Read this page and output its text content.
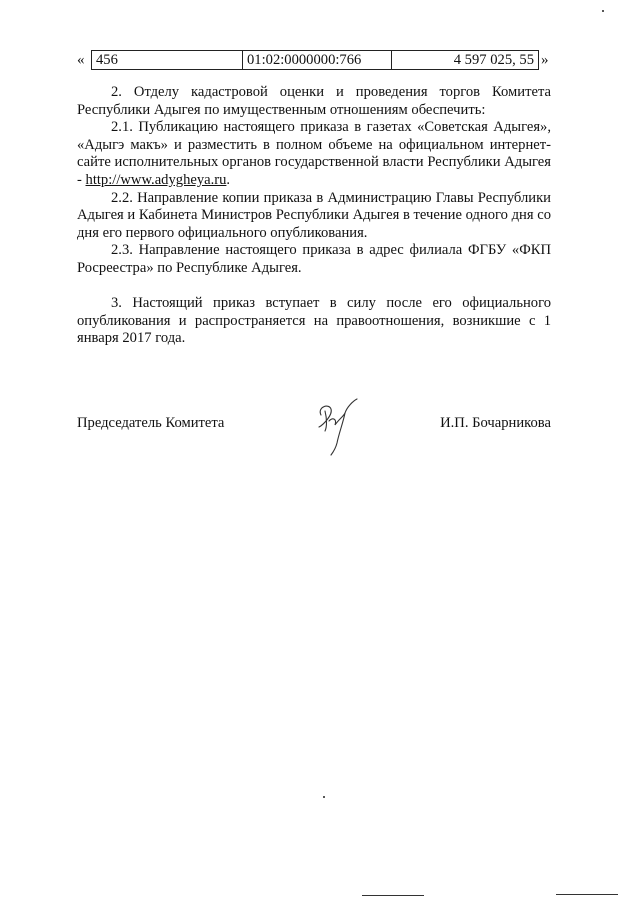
« 456	01:02:0000000:766	4 597 025, 55 »

2. Отделу кадастровой оценки и проведения торгов Комитета Республики Адыгея по имущественным отношениям обеспечить:

2.1. Публикацию настоящего приказа в газетах «Советская Адыгея», «Адыгэ макъ» и разместить в полном объеме на официальном интернет-сайте исполнительных органов государственной власти Республики Адыгея - http://www.adygheya.ru.

2.2. Направление копии приказа в Администрацию Главы Республики Адыгея и Кабинета Министров Республики Адыгея в течение одного дня со дня его первого официального опубликования.

2.3. Направление настоящего приказа в адрес филиала ФГБУ «ФКП Росреестра» по Республике Адыгея.

3. Настоящий приказ вступает в силу после его официального опубликования и распространяется на правоотношения, возникшие с 1 января 2017 года.

Председатель Комитета	И.П. Бочарникова
